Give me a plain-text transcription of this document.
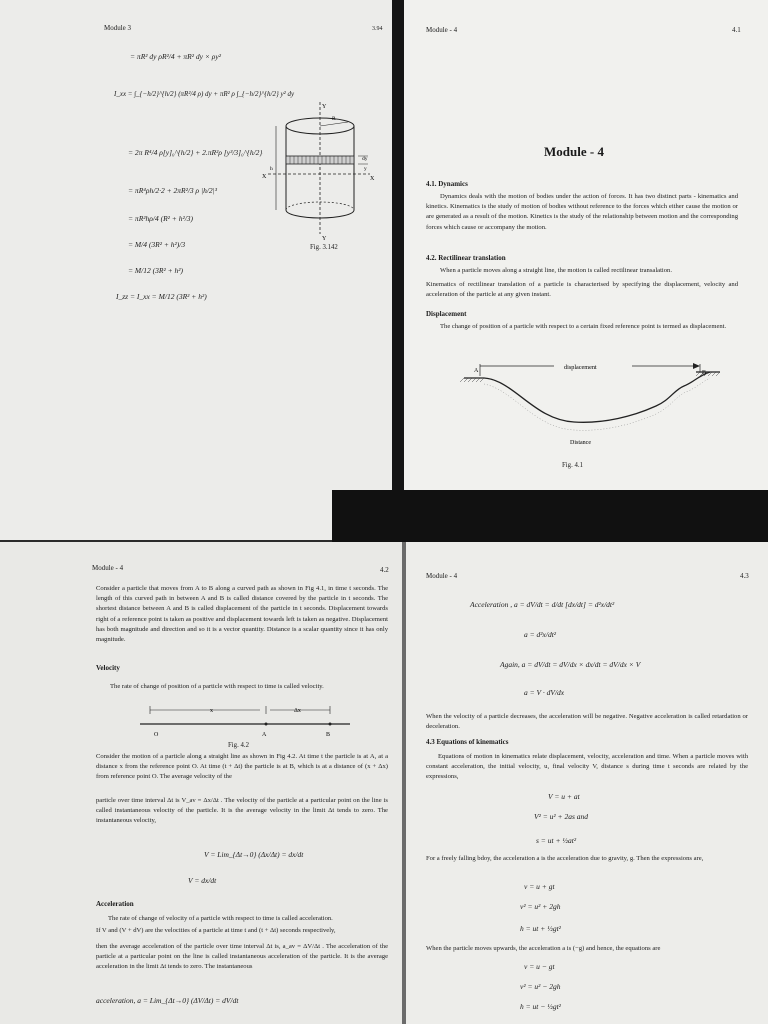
Module 3	3.94
= πR² dy ρR²/4 + πR² dy × ρy²
I_xx = ∫_{−h/2}^{h/2} (πR²/4 ρ) dy + πR² ρ ∫_{−h/2}^{h/2} y² dy
= 2π R⁴/4 ρ[y]₀^{h/2} + 2.πR²ρ [y³/3]₀^{h/2}
= πR⁴ρh/2·2 + 2πR²/3 ρ |h/2|³
= πR²hρ/4 (R² + h²/3)
= M/4 (3R² + h²)/3
= M/12 (3R² + h²)
I_zz = I_xx = M/12 (3R² + h²)
Y
X	X
Y
dy
y
R
h
Fig. 3.142
Module - 4	4.1
Module - 4
4.1. Dynamics
Dynamics deals with the motion of bodies under the action of forces. It has two distinct parts - kinematics and kinetics. Kinematics is the study of motion of bodies without reference to the forces which either cause the motion or are generated as a result of the motion. Kinetics is the study of the relationship between motion and the corresponding forces which cause or accompany the motion.
4.2. Rectilinear translation
When a particle moves along a straight line, the motion is called rectilinear transalation.
Kinematics of rectilinear translation of a particle is characterised by specifying the displacement, velocity and acceleration of the particle at any given instant.
Displacement
The change of position of a particle with respect to a certain fixed reference point is termed as displacement.
displacement
A	B
Distance
Fig. 4.1
Module - 4	4.2
Consider a particle that moves from A to B along a curved path as shown in Fig 4.1, in time t seconds. The length of this curved path in between A and B is called distance covered by the particle in t seconds. The shortest distance between A and B is called displacement of the particle in t seconds. Displacement towards right of a reference point is taken as positive and displacement towards left is taken as negative. Displacement has both magnitude and direction and so it is a vector quantity. Distance is a scalar quantity since it has only magnitude.
Velocity
The rate of change of position of a particle with respect to time is called velocity.
x	Δx
O	A	B
Fig. 4.2
Consider the motion of a particle along a straight line as shown in Fig 4.2. At time t the particle is at A, at a distance x from the reference point O. At time (t + Δt) the particle is at B, which is at a distance of (x + Δx) from reference point O. The average velocity of the
particle over time interval Δt is V_av = Δx/Δt . The velocity of the particle at a particular point on the line is called instantaneous velocity of the particle. It is the average velocity in the limit Δt tends to zero. The instantaneous velocity,
V = Lim_{Δt→0} (Δx/Δt) = dx/dt
V = dx/dt
Acceleration
The rate of change of velocity of a particle with respect to time is called acceleration.
If V and (V + dV) are the velocities of a particle at time t and (t + Δt) seconds respectively,
then the average acceleration of the particle over time interval Δt is, a_av = ΔV/Δt . The acceleration of the particle at a particular point on the line is called instantaneous acceleration of the particle. It is the average acceleration in the limit Δt tends to zero. The instantaneous
acceleration, a = Lim_{Δt→0} (ΔV/Δt) = dV/dt
Module - 4	4.3
Acceleration , a = dV/dt = d/dt [dx/dt] = d²x/dt²
a = d²x/dt²
Again, a = dV/dt = dV/dx × dx/dt = dV/dx × V
a = V · dV/dx
When the velocity of a particle decreases, the acceleration will be negative. Negative acceleration is called retardation or deceleration.
4.3 Equations of kinematics
Equations of motion in kinematics relate displacement, velocity, acceleration and time. When a particle moves with constant acceleration, the initial velocity, u, final velocity V, distance s during time t seconds are related by the expressions,
V = u + at
V² = u² + 2as and
s = ut + ½at²
For a freely falling bdoy, the acceleration a is the acceleration due to gravity, g. Then the expressions are,
v = u + gt
v² = u² + 2gh
h = ut + ½gt²
When the particle moves upwards, the acceleration a is (−g) and hence, the equations are
v = u − gt
v² = u² − 2gh
h = ut − ½gt²
